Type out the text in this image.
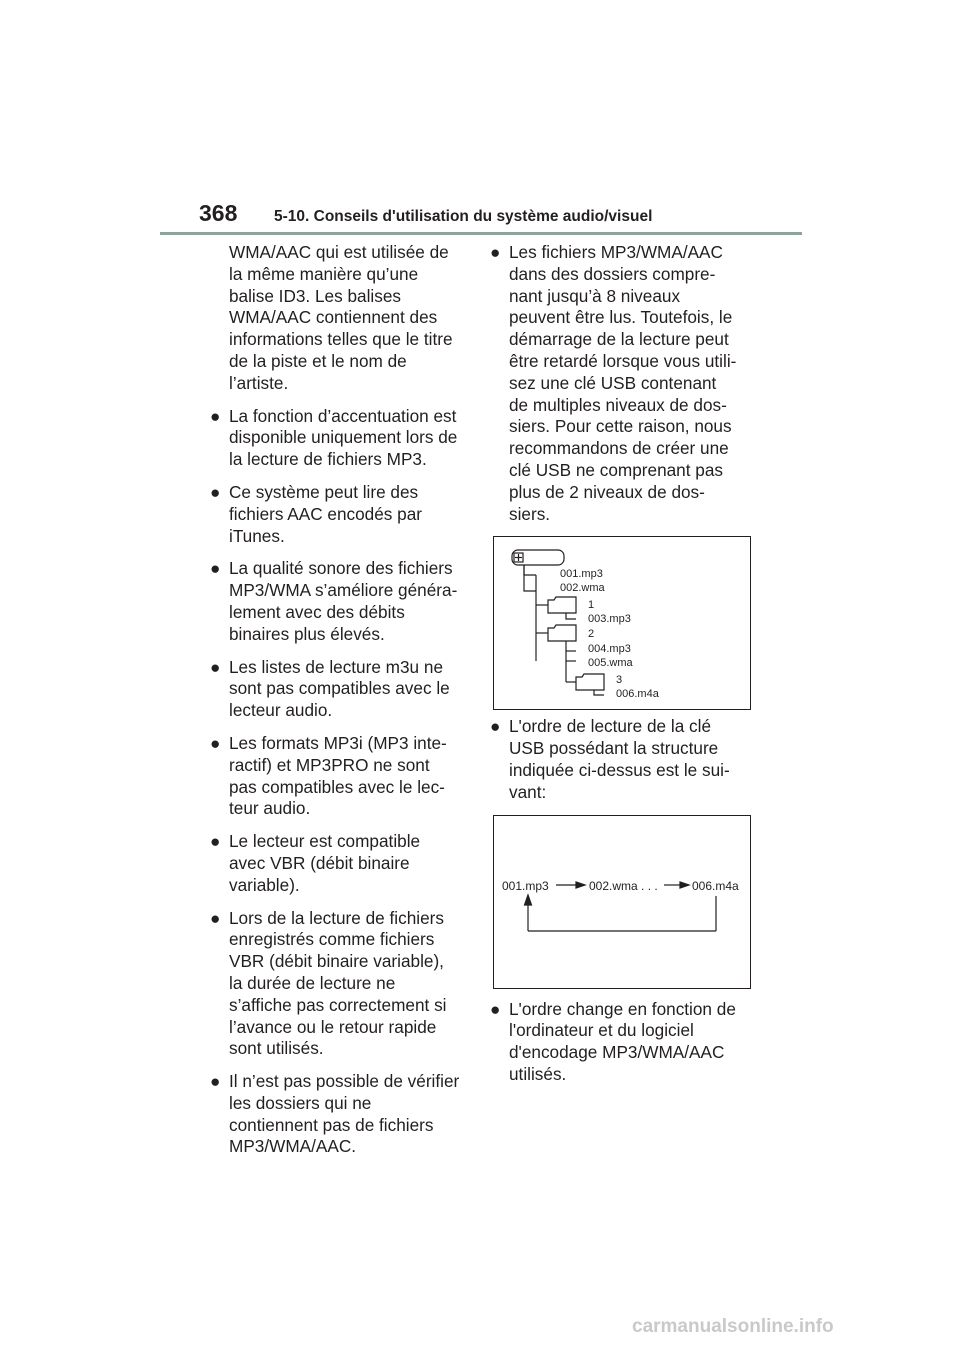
368 5-10. Conseils d'utilisation du système audio/visuel

WMA/AAC qui est utilisée de
la même manière qu’une
balise ID3. Les balises
WMA/AAC contiennent des
informations telles que le titre
de la piste et le nom de
l’artiste.

● La fonction d’accentuation est
disponible uniquement lors de
la lecture de fichiers MP3.

● Ce système peut lire des
fichiers AAC encodés par
iTunes.

● La qualité sonore des fichiers
MP3/WMA s’améliore généra-
lement avec des débits
binaires plus élevés.

● Les listes de lecture m3u ne
sont pas compatibles avec le
lecteur audio.

● Les formats MP3i (MP3 inte-
ractif) et MP3PRO ne sont
pas compatibles avec le lec-
teur audio.

● Le lecteur est compatible
avec VBR (débit binaire
variable).

● Lors de la lecture de fichiers
enregistrés comme fichiers
VBR (débit binaire variable),
la durée de lecture ne
s’affiche pas correctement si
l’avance ou le retour rapide
sont utilisés.

● Il n’est pas possible de vérifier
les dossiers qui ne
contiennent pas de fichiers
MP3/WMA/AAC.

● Les fichiers MP3/WMA/AAC
dans des dossiers compre-
nant jusqu’à 8 niveaux
peuvent être lus. Toutefois, le
démarrage de la lecture peut
être retardé lorsque vous utili-
sez une clé USB contenant
de multiples niveaux de dos-
siers. Pour cette raison, nous
recommandons de créer une
clé USB ne comprenant pas
plus de 2 niveaux de dos-
siers.

001.mp3
002.wma
1
003.mp3
2
004.mp3
005.wma
3
006.m4a

● L'ordre de lecture de la clé
USB possédant la structure
indiquée ci-dessus est le sui-
vant:

001.mp3	002.wma . . .	006.m4a

● L'ordre change en fonction de
l'ordinateur et du logiciel
d'encodage MP3/WMA/AAC
utilisés.

carmanualsonline.info
